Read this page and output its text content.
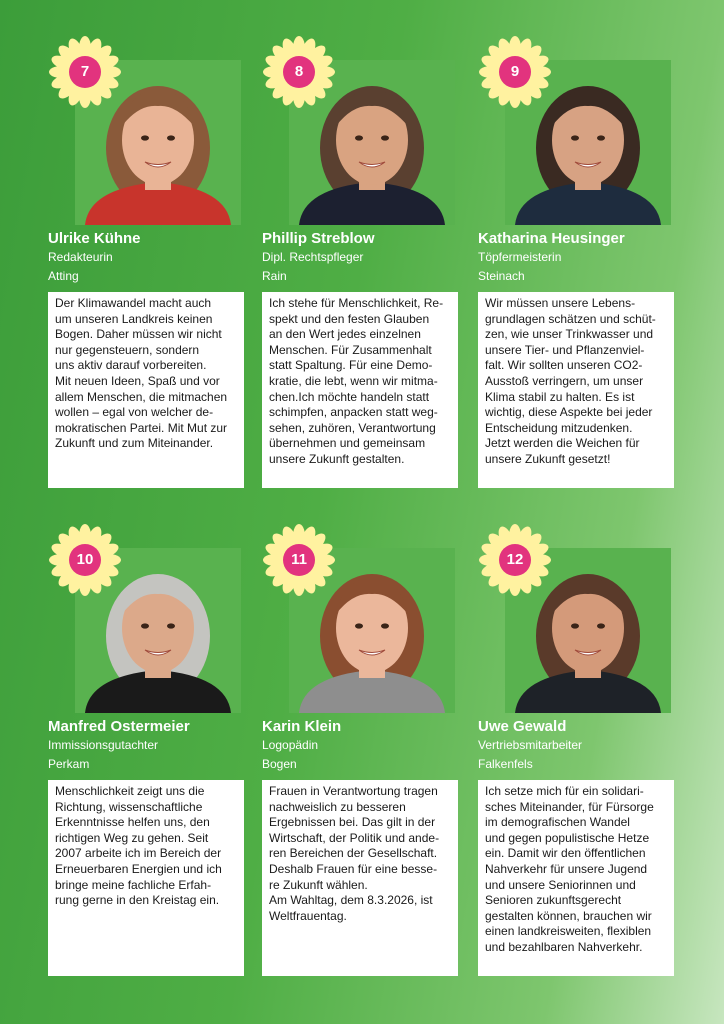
7
Ulrike Kühne
Redakteurin
Atting
Der Klimawandel macht auch
um unseren Landkreis keinen
Bogen. Daher müssen wir nicht
nur gegensteuern, sondern
uns aktiv darauf vorbereiten.
Mit neuen Ideen, Spaß und vor
allem Menschen, die mitmachen
wollen – egal von welcher de-
mokratischen Partei. Mit Mut zur
Zukunft und zum Miteinander.
8
Phillip Streblow
Dipl. Rechtspfleger
Rain
Ich stehe für Menschlichkeit, Re-
spekt und den festen Glauben
an den Wert jedes einzelnen
Menschen. Für Zusammenhalt
statt Spaltung. Für eine Demo-
kratie, die lebt, wenn wir mitma-
chen.Ich möchte handeln statt
schimpfen, anpacken statt weg-
sehen, zuhören, Verantwortung
übernehmen und gemeinsam
unsere Zukunft gestalten.
9
Katharina Heusinger
Töpfermeisterin
Steinach
Wir müssen unsere Lebens-
grundlagen schätzen und schüt-
zen, wie unser Trinkwasser und
unsere Tier- und Pflanzenviel-
falt. Wir sollten unseren CO2-
Ausstoß verringern, um unser
Klima stabil zu halten. Es ist
wichtig, diese Aspekte bei jeder
Entscheidung mitzudenken.
Jetzt werden die Weichen für
unsere Zukunft gesetzt!
10
Manfred Ostermeier
Immissionsgutachter
Perkam
Menschlichkeit zeigt uns die
Richtung, wissenschaftliche
Erkenntnisse helfen uns, den
richtigen Weg zu gehen. Seit
2007 arbeite ich im Bereich der
Erneuerbaren Energien und ich
bringe meine fachliche Erfah-
rung gerne in den Kreistag ein.
11
Karin Klein
Logopädin
Bogen
Frauen in Verantwortung tragen
nachweislich zu besseren
Ergebnissen bei. Das gilt in der
Wirtschaft, der Politik und ande-
ren Bereichen der Gesellschaft.
Deshalb Frauen für eine besse-
re Zukunft wählen.
Am Wahltag, dem 8.3.2026, ist
Weltfrauentag.
12
Uwe Gewald
Vertriebsmitarbeiter
Falkenfels
Ich setze mich für ein solidari-
sches Miteinander, für Fürsorge
im demografischen Wandel
und gegen populistische Hetze
ein. Damit wir den öffentlichen
Nahverkehr für unsere Jugend
und unsere Seniorinnen und
Senioren zukunftsgerecht
gestalten können, brauchen wir
einen landkreisweiten, flexiblen
und bezahlbaren Nahverkehr.
